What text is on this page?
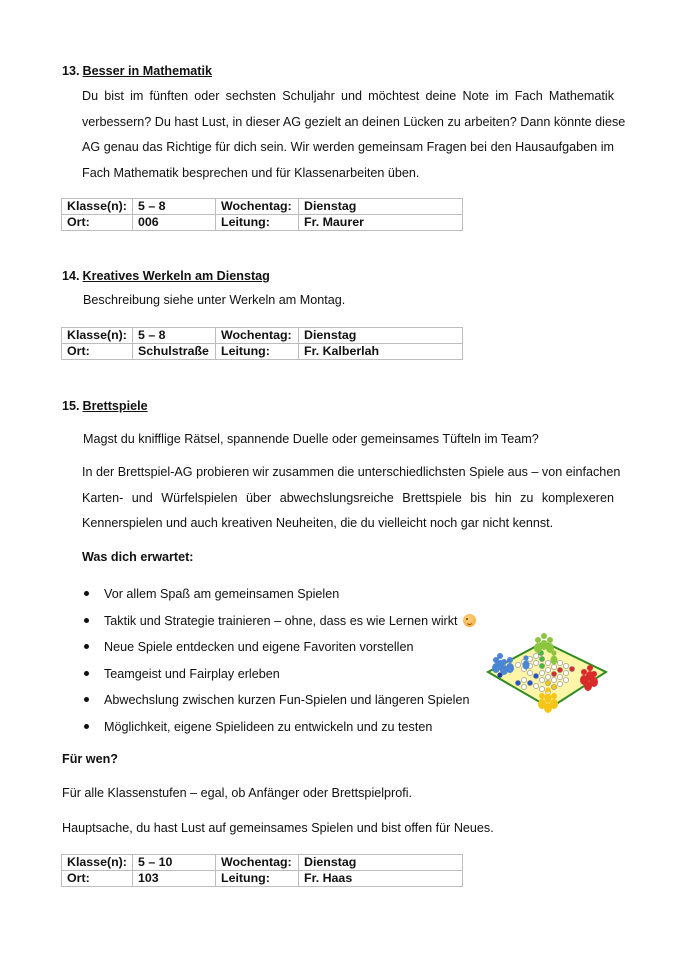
13. Besser in Mathematik
Du bist im fünften oder sechsten Schuljahr und möchtest deine Note im Fach Mathematik
verbessern? Du hast Lust, in dieser AG gezielt an deinen Lücken zu arbeiten? Dann könnte diese
AG genau das Richtige für dich sein. Wir werden gemeinsam Fragen bei den Hausaufgaben im
Fach Mathematik besprechen und für Klassenarbeiten üben.
Klasse(n):	5 – 8	Wochentag:	Dienstag
Ort:	006	Leitung:	Fr. Maurer
14. Kreatives Werkeln am Dienstag
Beschreibung siehe unter Werkeln am Montag.
Klasse(n):	5 – 8	Wochentag:	Dienstag
Ort:	Schulstraße	Leitung:	Fr. Kalberlah
15. Brettspiele
Magst du knifflige Rätsel, spannende Duelle oder gemeinsames Tüfteln im Team?
In der Brettspiel-AG probieren wir zusammen die unterschiedlichsten Spiele aus – von einfachen
Karten- und Würfelspielen über abwechslungsreiche Brettspiele bis hin zu komplexeren
Kennerspielen und auch kreativen Neuheiten, die du vielleicht noch gar nicht kennst.
Was dich erwartet:
Vor allem Spaß am gemeinsamen Spielen
Taktik und Strategie trainieren – ohne, dass es wie Lernen wirkt
Neue Spiele entdecken und eigene Favoriten vorstellen
Teamgeist und Fairplay erleben
Abwechslung zwischen kurzen Fun-Spielen und längeren Spielen
Möglichkeit, eigene Spielideen zu entwickeln und zu testen
Für wen?
Für alle Klassenstufen – egal, ob Anfänger oder Brettspielprofi.
Hauptsache, du hast Lust auf gemeinsames Spielen und bist offen für Neues.
Klasse(n):	5 – 10	Wochentag:	Dienstag
Ort:	103	Leitung:	Fr. Haas
